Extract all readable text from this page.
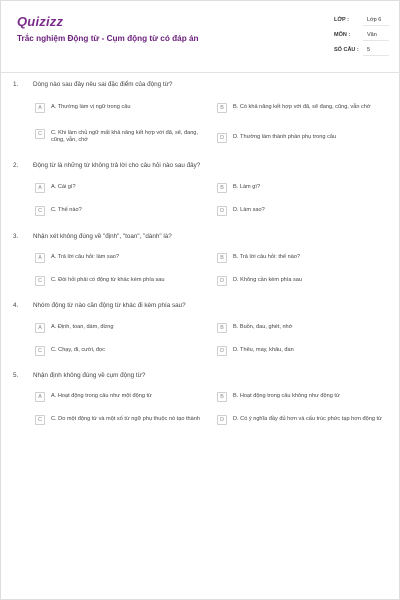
Quizizz
Trắc nghiệm Động từ - Cụm động từ có đáp án
LỚP :	Lớp 6
MÔN :	Văn
SỐ CÂU : 5
1. Dòng nào sau đây nêu sai đặc điểm của động từ?
A	A. Thường làm vị ngữ trong câu	B	B. Có khả năng kết hợp với đã, sẽ đang, cũng, vẫn chớ
C	C. Khi làm chủ ngữ mất khả năng kết hợp với đã, sẽ, đang, cũng, vẫn, chớ	D	D. Thường làm thành phần phụ trong câu
2. Động từ là những từ không trả lời cho câu hỏi nào sau đây?
A	A. Cái gì?	B	B. Làm gì?
C	C. Thế nào?	D	D. Làm sao?
3. Nhận xét không đúng về "định", "toan", "dành" là?
A	A. Trả lời câu hỏi: làm sao?	B	B. Trả lời câu hỏi: thế nào?
C	C. Đòi hỏi phải có động từ khác kèm phía sau	D	D. Không cần kèm phía sau
4. Nhóm động từ nào cần động từ khác đi kèm phía sau?
A	A. Định, toan, dám, đừng	B	B. Buồn, đau, ghét, nhớ
C	C. Chạy, đi, cười, đọc	D	D. Thêu, may, khâu, đan
5. Nhận định không đúng về cụm động từ?
A	A. Hoạt động trong câu như một động từ	B	B. Hoạt động trong câu không như động từ
C	C. Do một động từ và một số từ ngữ phụ thuộc nó tạo thành	D	D. Có ý nghĩa đầy đủ hơn và cấu trúc phức tạp hơn động từ
